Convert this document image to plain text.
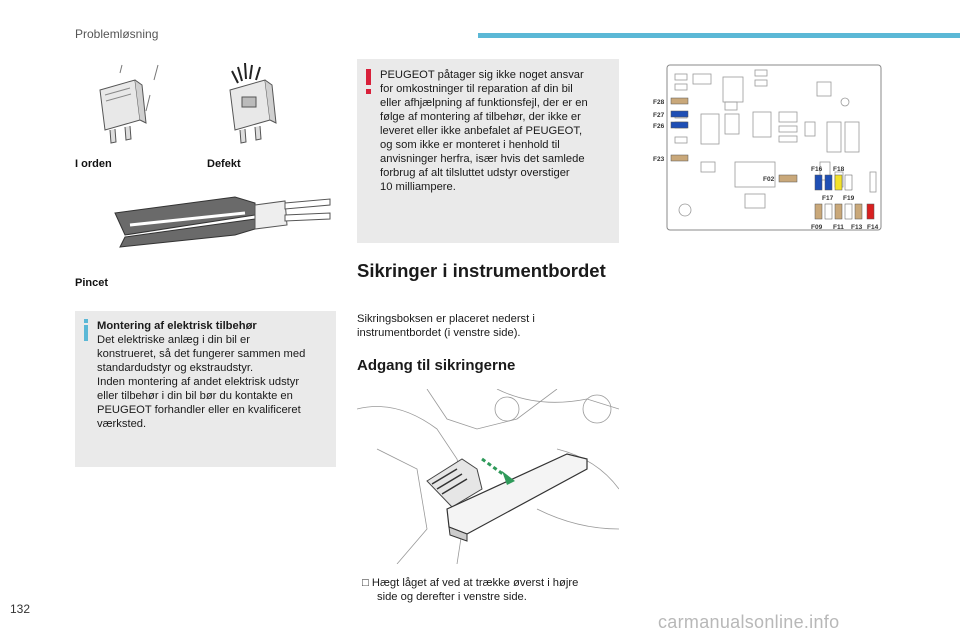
Problemløsning
I orden	Defekt
Pincet
Montering af elektrisk tilbehør
Det elektriske anlæg i din bil er
konstrueret, så det fungerer sammen med
standardudstyr og ekstraudstyr.
Inden montering af andet elektrisk udstyr
eller tilbehør i din bil bør du kontakte en
PEUGEOT forhandler eller en kvalificeret
værksted.
PEUGEOT påtager sig ikke noget ansvar
for omkostninger til reparation af din bil
eller afhjælpning af funktionsfejl, der er en
følge af montering af tilbehør, der ikke er
leveret eller ikke anbefalet af PEUGEOT,
og som ikke er monteret i henhold til
anvisninger herfra, især hvis det samlede
forbrug af alt tilsluttet udstyr overstiger
10 milliampere.
Sikringer i instrumentbordet
Sikringsboksen er placeret nederst i
instrumentbordet (i venstre side).
Adgang til sikringerne
□ Hægt låget af ved at trække øverst i højre
side og derefter i venstre side.
F28
F27
F26
F23
F02
F16 F18
F17 F19
F09 F11 F13 F14
132
carmanualsonline.info
